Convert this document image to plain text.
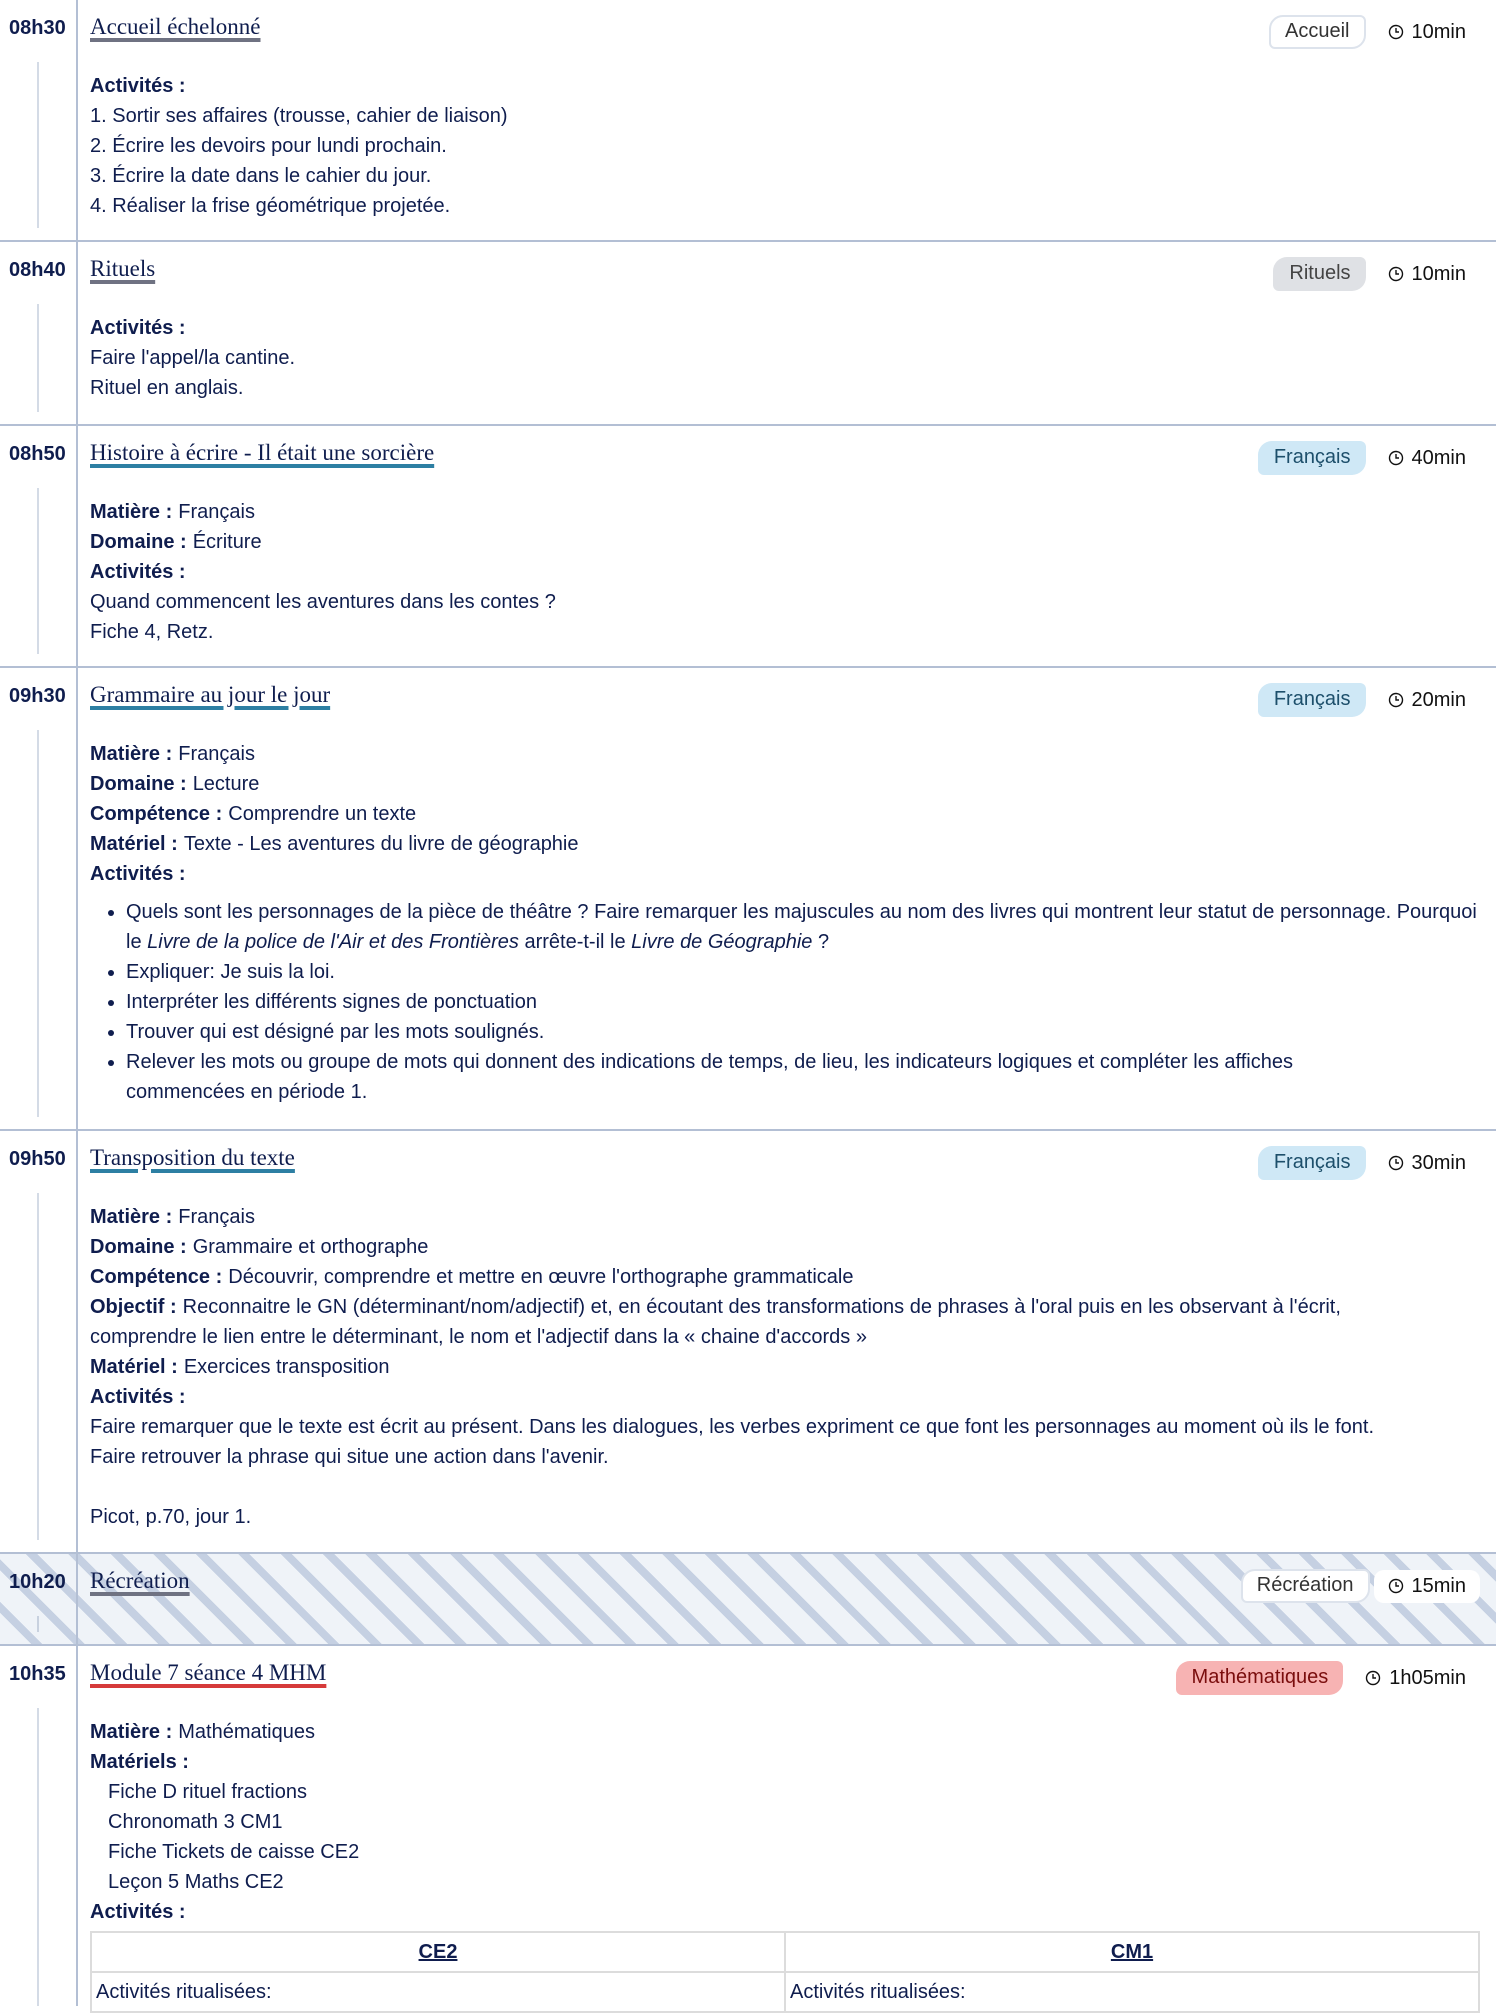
08h30	Accueil échelonné	Accueil	10min
Activités :
1. Sortir ses affaires (trousse, cahier de liaison)
2. Écrire les devoirs pour lundi prochain.
3. Écrire la date dans le cahier du jour.
4. Réaliser la frise géométrique projetée.
08h40	Rituels	Rituels	10min
Activités :
Faire l'appel/la cantine.
Rituel en anglais.
08h50	Histoire à écrire - Il était une sorcière	Français	40min
Matière : Français
Domaine : Écriture
Activités :
Quand commencent les aventures dans les contes ?
Fiche 4, Retz.
09h30	Grammaire au jour le jour	Français	20min
Matière : Français
Domaine : Lecture
Compétence : Comprendre un texte
Matériel : Texte - Les aventures du livre de géographie
Activités :
• Quels sont les personnages de la pièce de théâtre ? Faire remarquer les majuscules au nom des livres qui montrent leur statut de personnage. Pourquoi le Livre de la police de l'Air et des Frontières arrête-t-il le Livre de Géographie ?
• Expliquer: Je suis la loi.
• Interpréter les différents signes de ponctuation
• Trouver qui est désigné par les mots soulignés.
• Relever les mots ou groupe de mots qui donnent des indications de temps, de lieu, les indicateurs logiques et compléter les affiches commencées en période 1.
09h50	Transposition du texte	Français	30min
Matière : Français
Domaine : Grammaire et orthographe
Compétence : Découvrir, comprendre et mettre en œuvre l'orthographe grammaticale
Objectif : Reconnaitre le GN (déterminant/nom/adjectif) et, en écoutant des transformations de phrases à l'oral puis en les observant à l'écrit, comprendre le lien entre le déterminant, le nom et l'adjectif dans la « chaine d'accords »
Matériel : Exercices transposition
Activités :
Faire remarquer que le texte est écrit au présent. Dans les dialogues, les verbes expriment ce que font les personnages au moment où ils le font.
Faire retrouver la phrase qui situe une action dans l'avenir.
Picot, p.70, jour 1.
10h20	Récréation	Récréation	15min
10h35	Module 7 séance 4 MHM	Mathématiques	1h05min
Matière : Mathématiques
Matériels :
Fiche D rituel fractions
Chronomath 3 CM1
Fiche Tickets de caisse CE2
Leçon 5 Maths CE2
Activités :
CE2	CM1
Activités ritualisées:	Activités ritualisées:
